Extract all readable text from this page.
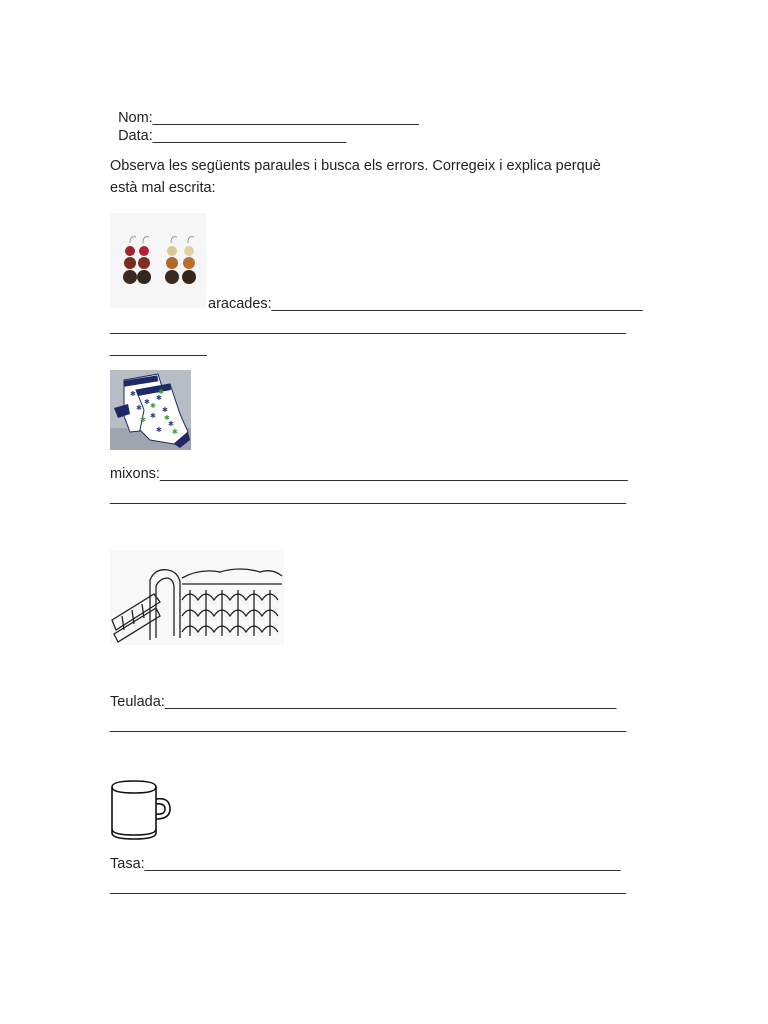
Nom:_________________________________
Data:________________________

Observa les següents paraules i busca els errors. Corregeix i explica perquè
està mal escrita:
aracades:______________________________________________
________________________________________________________________
____________
✱
✱
✱
✱
✱
✱
✱
✱ ✱
✱
✱
✱
✱
mixons:__________________________________________________________
________________________________________________________________
Teulada:________________________________________________________
________________________________________________________________
Tasa:___________________________________________________________
________________________________________________________________
